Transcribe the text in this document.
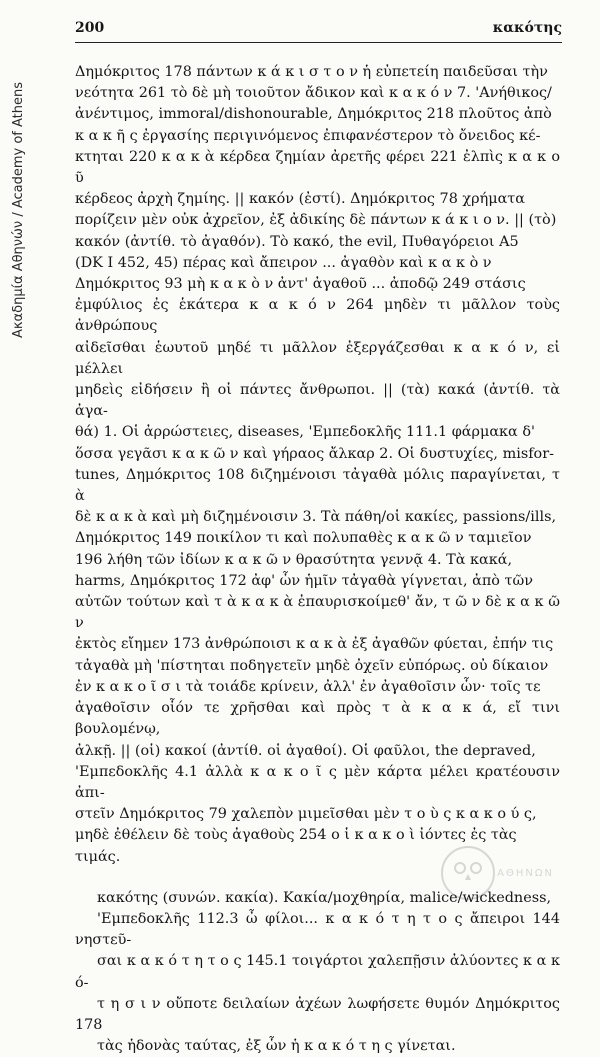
Ακαδημία Αθηνών / Academy of Athens
200	κακότης
Δημόκριτος 178 πάντων κ ά κ ι σ τ ο ν ἡ εὐπετείη παιδεῦσαι τὴν
νεότητα 261 τὸ δὲ μὴ τοιοῦτον ἄδικον καὶ κ α κ ό ν 7. 'Ανήθικος/
ἀνέντιμος, immoral/dishonourable, Δημόκριτος 218 πλοῦτος ἀπὸ
κ α κ ῆ ς ἐργασίης περιγινόμενος ἐπιφανέστερον τὸ ὄνειδος κέ-
κτηται 220 κ α κ ὰ κέρδεα ζημίαν ἀρετῆς φέρει 221 ἐλπὶς κ α κ ο ῦ
κέρδεος ἀρχὴ ζημίης. || κακόν (ἐστί). Δημόκριτος 78 χρήματα
πορίζειν μὲν οὐκ ἀχρεῖον, ἐξ ἀδικίης δὲ πάντων κ ά κ ι ο ν. || (τὸ)
κακόν (ἀντίθ. τὸ ἀγαθόν). Τὸ κακό, the evil, Πυθαγόρειοι Α5
(DK I 452, 45) πέρας καὶ ἄπειρον ... ἀγαθὸν καὶ κ α κ ὸ ν
Δημόκριτος 93 μὴ κ α κ ὸ ν ἀντ' ἀγαθοῦ ... ἀποδῷ 249 στάσις
ἐμφύλιος ἐς ἑκάτερα κ α κ ό ν 264 μηδὲν τι μᾶλλον τοὺς ἀνθρώπους
αἰδεῖσθαι ἑωυτοῦ μηδέ τι μᾶλλον ἐξεργάζεσθαι κ α κ ό ν, εἰ μέλλει
μηδεὶς εἰδήσειν ἢ οἱ πάντες ἄνθρωποι. || (τὰ) κακά (ἀντίθ. τὰ ἀγα-
θά) 1. Οἱ ἀρρώστειες, diseases, 'Εμπεδοκλῆς 111.1 φάρμακα δ'
ὅσσα γεγᾶσι κ α κ ῶ ν καὶ γήραος ἄλκαρ 2. Οἱ δυστυχίες, misfor-
tunes, Δημόκριτος 108 διζημένοισι τἀγαθὰ μόλις παραγίνεται, τ ὰ
δὲ κ α κ ὰ καὶ μὴ διζημένοισιν 3. Τὰ πάθη/οἱ κακίες, passions/ills,
Δημόκριτος 149 ποικίλον τι καὶ πολυπαθὲς κ α κ ῶ ν ταμιεῖον
196 λήθη τῶν ἰδίων κ α κ ῶ ν θρασύτητα γεννᾷ 4. Τὰ κακά,
harms, Δημόκριτος 172 ἀφ' ὧν ἡμῖν τἀγαθὰ γίγνεται, ἀπὸ τῶν
αὐτῶν τούτων καὶ τ ὰ κ α κ ὰ ἐπαυρισκοίμεθ' ἄν, τ ῶ ν δὲ κ α κ ῶ ν
ἐκτὸς εἴημεν 173 ἀνθρώποισι κ α κ ὰ ἐξ ἀγαθῶν φύεται, ἐπήν τις
τἀγαθὰ μὴ 'πίστηται ποδηγετεῖν μηδὲ ὀχεῖν εὐπόρως. οὐ δίκαιον
ἐν κ α κ ο ῖ σ ι τὰ τοιάδε κρίνειν, ἀλλ' ἐν ἀγαθοῖσιν ὧν· τοῖς τε
ἀγαθοῖσιν οἷόν τε χρῆσθαι καὶ πρὸς τ ὰ κ α κ ά, εἴ τινι βουλομένῳ,
ἀλκῇ. || (οἱ) κακοί (ἀντίθ. οἱ ἀγαθοί). Οἱ φαῦλοι, the depraved,
'Εμπεδοκλῆς 4.1 ἀλλὰ κ α κ ο ῖ ς μὲν κάρτα μέλει κρατέουσιν ἀπι-
στεῖν Δημόκριτος 79 χαλεπὸν μιμεῖσθαι μὲν τ ο ὺ ς κ α κ ο ύ ς,
μηδὲ ἐθέλειν δὲ τοὺς ἀγαθοὺς 254 ο ἱ κ α κ ο ὶ ἰόντες ἐς τὰς
τιμάς.
κακότης (συνών. κακία). Κακία/μοχθηρία, malice/wickedness,
'Εμπεδοκλῆς 112.3 ὦ φίλοι... κ α κ ό τ η τ ο ς ἄπειροι 144 νηστεῦ-
σαι κ α κ ό τ η τ ο ς 145.1 τοιγάρτοι χαλεπῇσιν ἀλύοντες κ α κ ό-
τ η σ ι ν οὔποτε δειλαίων ἀχέων λωφήσετε θυμόν Δημόκριτος 178
τὰς ἡδονὰς ταύτας, ἐξ ὧν ἡ κ α κ ό τ η ς γίνεται.
ΑΘΗΝΩΝ
